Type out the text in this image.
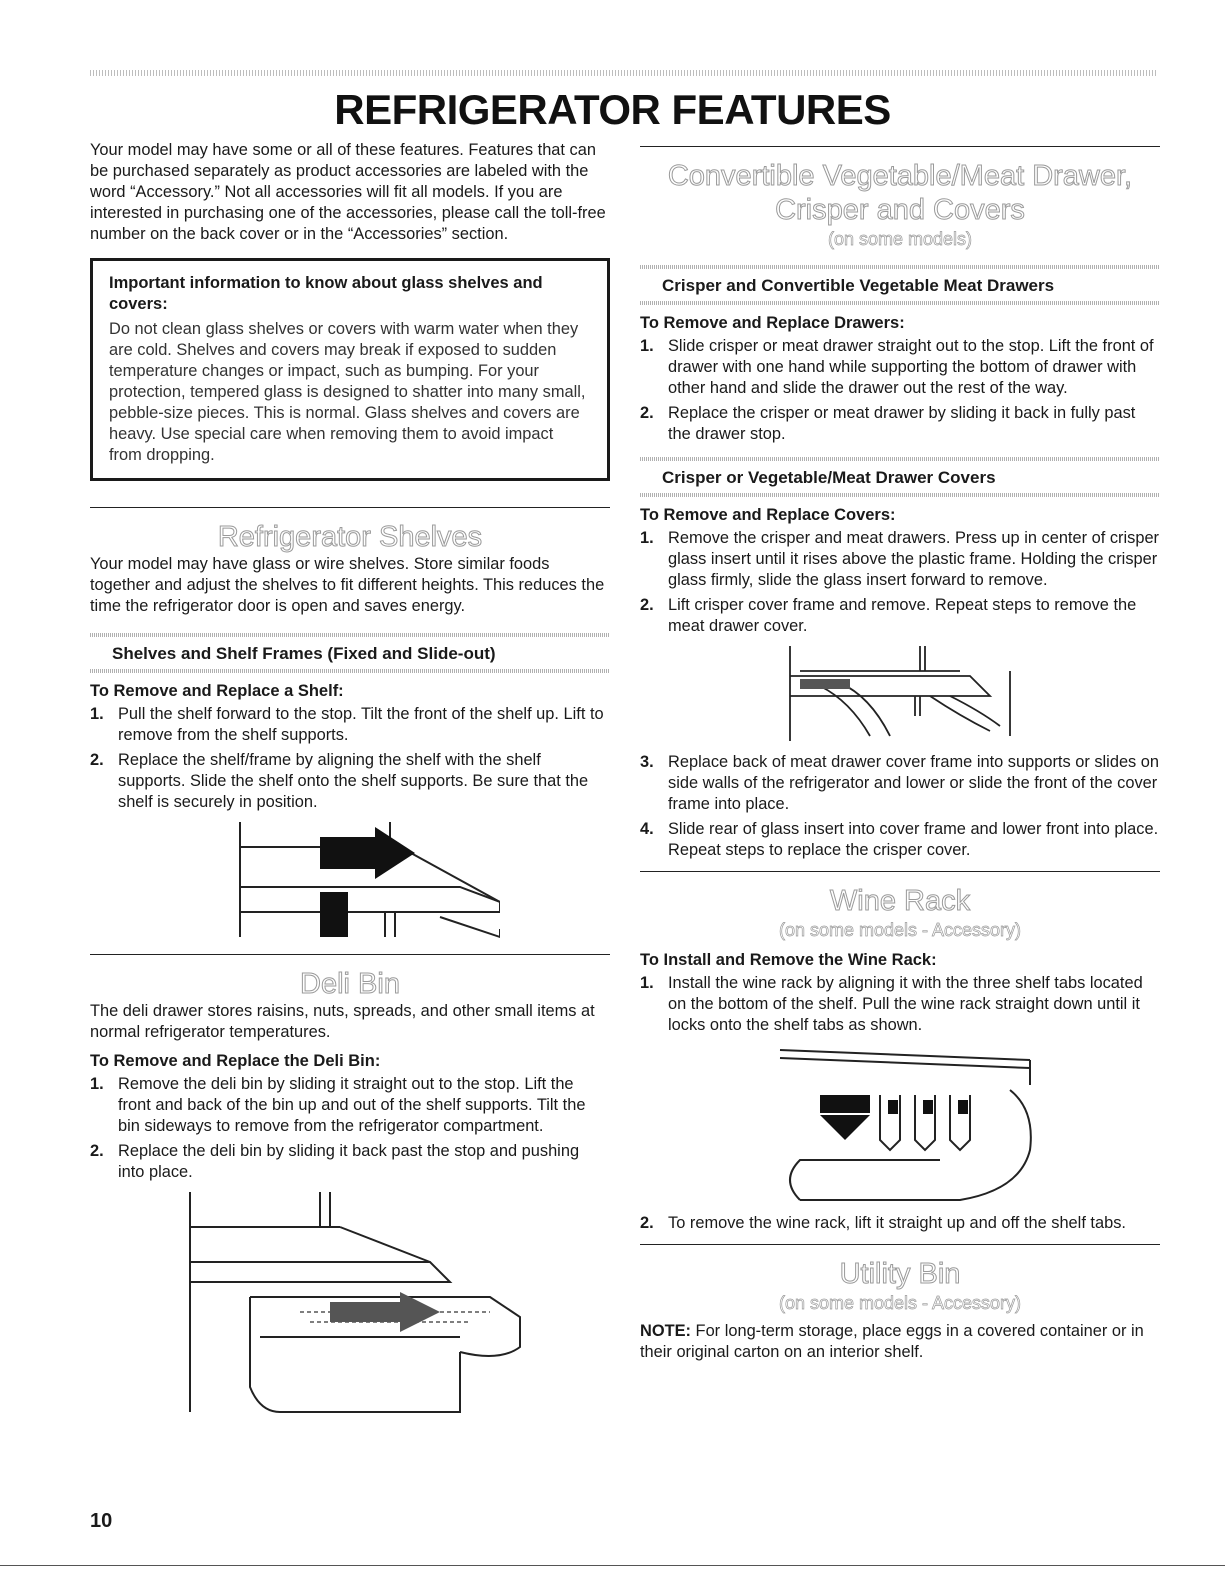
REFRIGERATOR FEATURES

Your model may have some or all of these features. Features that can be purchased separately as product accessories are labeled with the word “Accessory.” Not all accessories will fit all models. If you are interested in purchasing one of the accessories, please call the toll-free number on the back cover or in the “Accessories” section.

Important information to know about glass shelves and covers:
Do not clean glass shelves or covers with warm water when they are cold. Shelves and covers may break if exposed to sudden temperature changes or impact, such as bumping. For your protection, tempered glass is designed to shatter into many small, pebble-size pieces. This is normal. Glass shelves and covers are heavy. Use special care when removing them to avoid impact from dropping.
Refrigerator Shelves

Your model may have glass or wire shelves. Store similar foods together and adjust the shelves to fit different heights. This reduces the time the refrigerator door is open and saves energy.

Shelves and Shelf Frames (Fixed and Slide-out)
To Remove and Replace a Shelf:
1. Pull the shelf forward to the stop. Tilt the front of the shelf up. Lift to remove from the shelf supports.
2. Replace the shelf/frame by aligning the shelf with the shelf supports. Slide the shelf onto the shelf supports. Be sure that the shelf is securely in position.
Deli Bin

The deli drawer stores raisins, nuts, spreads, and other small items at normal refrigerator temperatures.

To Remove and Replace the Deli Bin:
1. Remove the deli bin by sliding it straight out to the stop. Lift the front and back of the bin up and out of the shelf supports. Tilt the bin sideways to remove from the refrigerator compartment.
2. Replace the deli bin by sliding it back past the stop and pushing into place.
Convertible Vegetable/Meat Drawer,
Crisper and Covers
(on some models)
Crisper and Convertible Vegetable Meat Drawers
To Remove and Replace Drawers:
1. Slide crisper or meat drawer straight out to the stop. Lift the front of drawer with one hand while supporting the bottom of drawer with other hand and slide the drawer out the rest of the way.
2. Replace the crisper or meat drawer by sliding it back in fully past the drawer stop.
Crisper or Vegetable/Meat Drawer Covers
To Remove and Replace Covers:
1. Remove the crisper and meat drawers. Press up in center of crisper glass insert until it rises above the plastic frame. Holding the crisper glass firmly, slide the glass insert forward to remove.
2. Lift crisper cover frame and remove. Repeat steps to remove the meat drawer cover.
3. Replace back of meat drawer cover frame into supports or slides on side walls of the refrigerator and lower or slide the front of the cover frame into place.
4. Slide rear of glass insert into cover frame and lower front into place. Repeat steps to replace the crisper cover.
Wine Rack
(on some models - Accessory)
To Install and Remove the Wine Rack:
1. Install the wine rack by aligning it with the three shelf tabs located on the bottom of the shelf. Pull the wine rack straight down until it locks onto the shelf tabs as shown.
2. To remove the wine rack, lift it straight up and off the shelf tabs.
Utility Bin
(on some models - Accessory)

NOTE: For long-term storage, place eggs in a covered container or in their original carton on an interior shelf.

10
